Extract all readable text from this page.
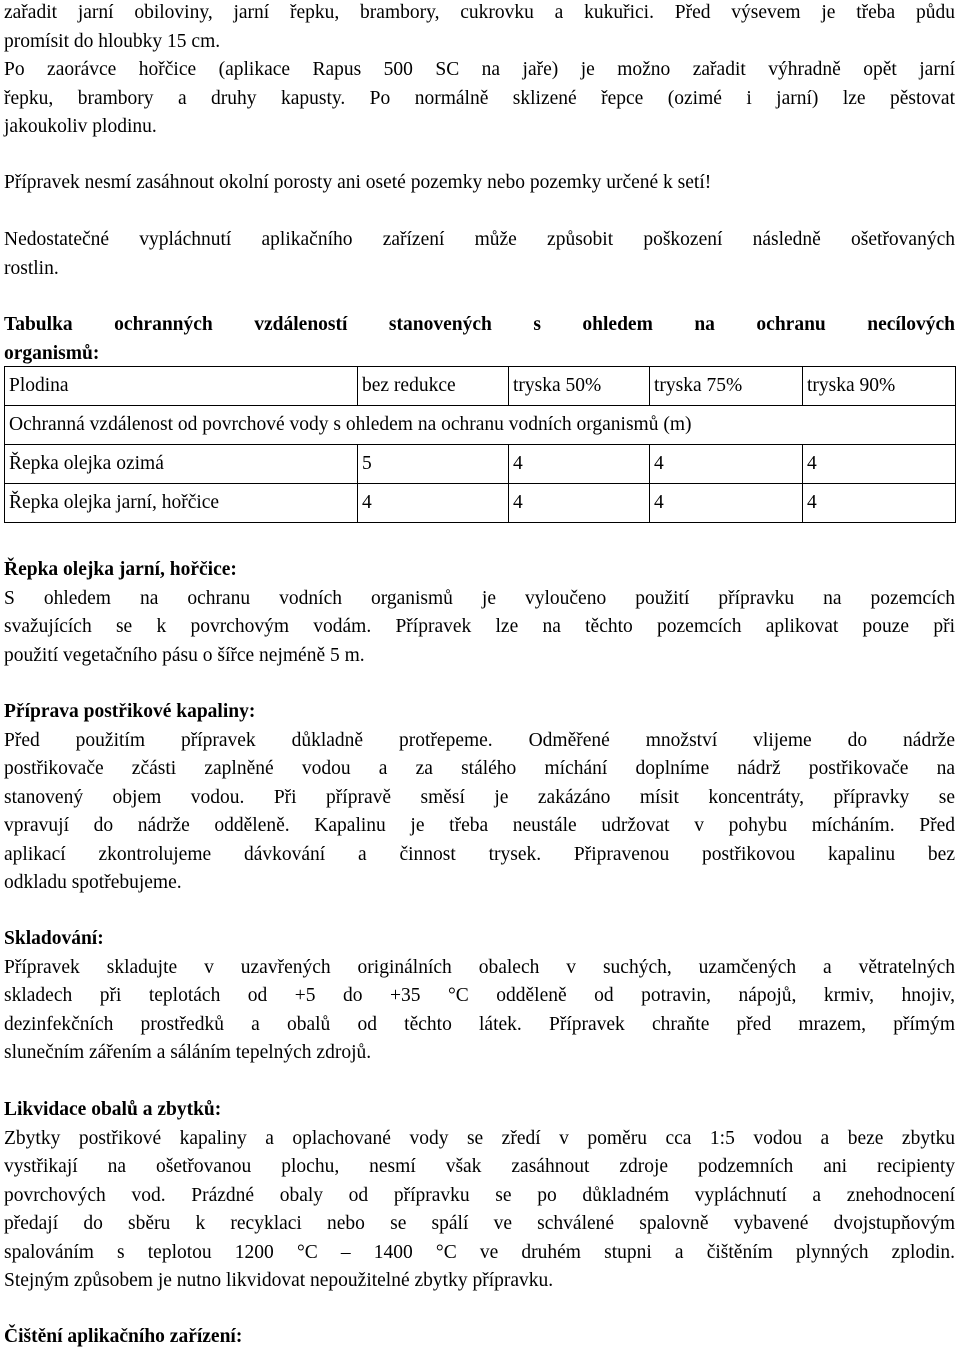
zařadit jarní obiloviny, jarní řepku, brambory, cukrovku a kukuřici. Před výsevem je třeba půdu
promísit do hloubky 15 cm.
Po zaorávce hořčice (aplikace Rapus 500 SC na jaře) je možno zařadit výhradně opět jarní
řepku, brambory a druhy kapusty. Po normálně sklizené řepce (ozimé i jarní) lze pěstovat
jakoukoliv plodinu.
Přípravek nesmí zasáhnout okolní porosty ani oseté pozemky nebo pozemky určené k setí!
Nedostatečné vypláchnutí aplikačního zařízení může způsobit poškození následně ošetřovaných
rostlin.
Tabulka ochranných vzdáleností stanovených s ohledem na ochranu necílových
organismů:
Plodina	bez redukce	tryska 50%	tryska 75%	tryska 90%
Ochranná vzdálenost od povrchové vody s ohledem na ochranu vodních organismů (m)				
Řepka olejka ozimá	5	4	4	4
Řepka olejka jarní, hořčice	4	4	4	4
Řepka olejka jarní, hořčice:
S ohledem na ochranu vodních organismů je vyloučeno použití přípravku na pozemcích
svažujících se k povrchovým vodám. Přípravek lze na těchto pozemcích aplikovat pouze při
použití vegetačního pásu o šířce nejméně 5 m.
Příprava postřikové kapaliny:
Před použitím přípravek důkladně protřepeme. Odměřené množství vlijeme do nádrže
postřikovače zčásti zaplněné vodou a za stálého míchání doplníme nádrž postřikovače na
stanovený objem vodou. Při přípravě směsí je zakázáno mísit koncentráty, přípravky se
vpravují do nádrže odděleně. Kapalinu je třeba neustále udržovat v pohybu mícháním. Před
aplikací zkontrolujeme dávkování a činnost trysek. Připravenou postřikovou kapalinu bez
odkladu spotřebujeme.
Skladování:
Přípravek skladujte v uzavřených originálních obalech v suchých, uzamčených a větratelných
skladech při teplotách od +5 do +35 °C odděleně od potravin, nápojů, krmiv, hnojiv,
dezinfekčních prostředků a obalů od těchto látek. Přípravek chraňte před mrazem, přímým
slunečním zářením a sáláním tepelných zdrojů.
Likvidace obalů a zbytků:
Zbytky postřikové kapaliny a oplachované vody se zředí v poměru cca 1:5 vodou a beze zbytku
vystřikají na ošetřovanou plochu, nesmí však zasáhnout zdroje podzemních ani recipienty
povrchových vod. Prázdné obaly od přípravku se po důkladném vypláchnutí a znehodnocení
předají do sběru k recyklaci nebo se spálí ve schválené spalovně vybavené dvojstupňovým
spalováním s teplotou 1200 °C – 1400 °C ve druhém stupni a čištěním plynných zplodin.
Stejným způsobem je nutno likvidovat nepoužitelné zbytky přípravku.
Čištění aplikačního zařízení:
